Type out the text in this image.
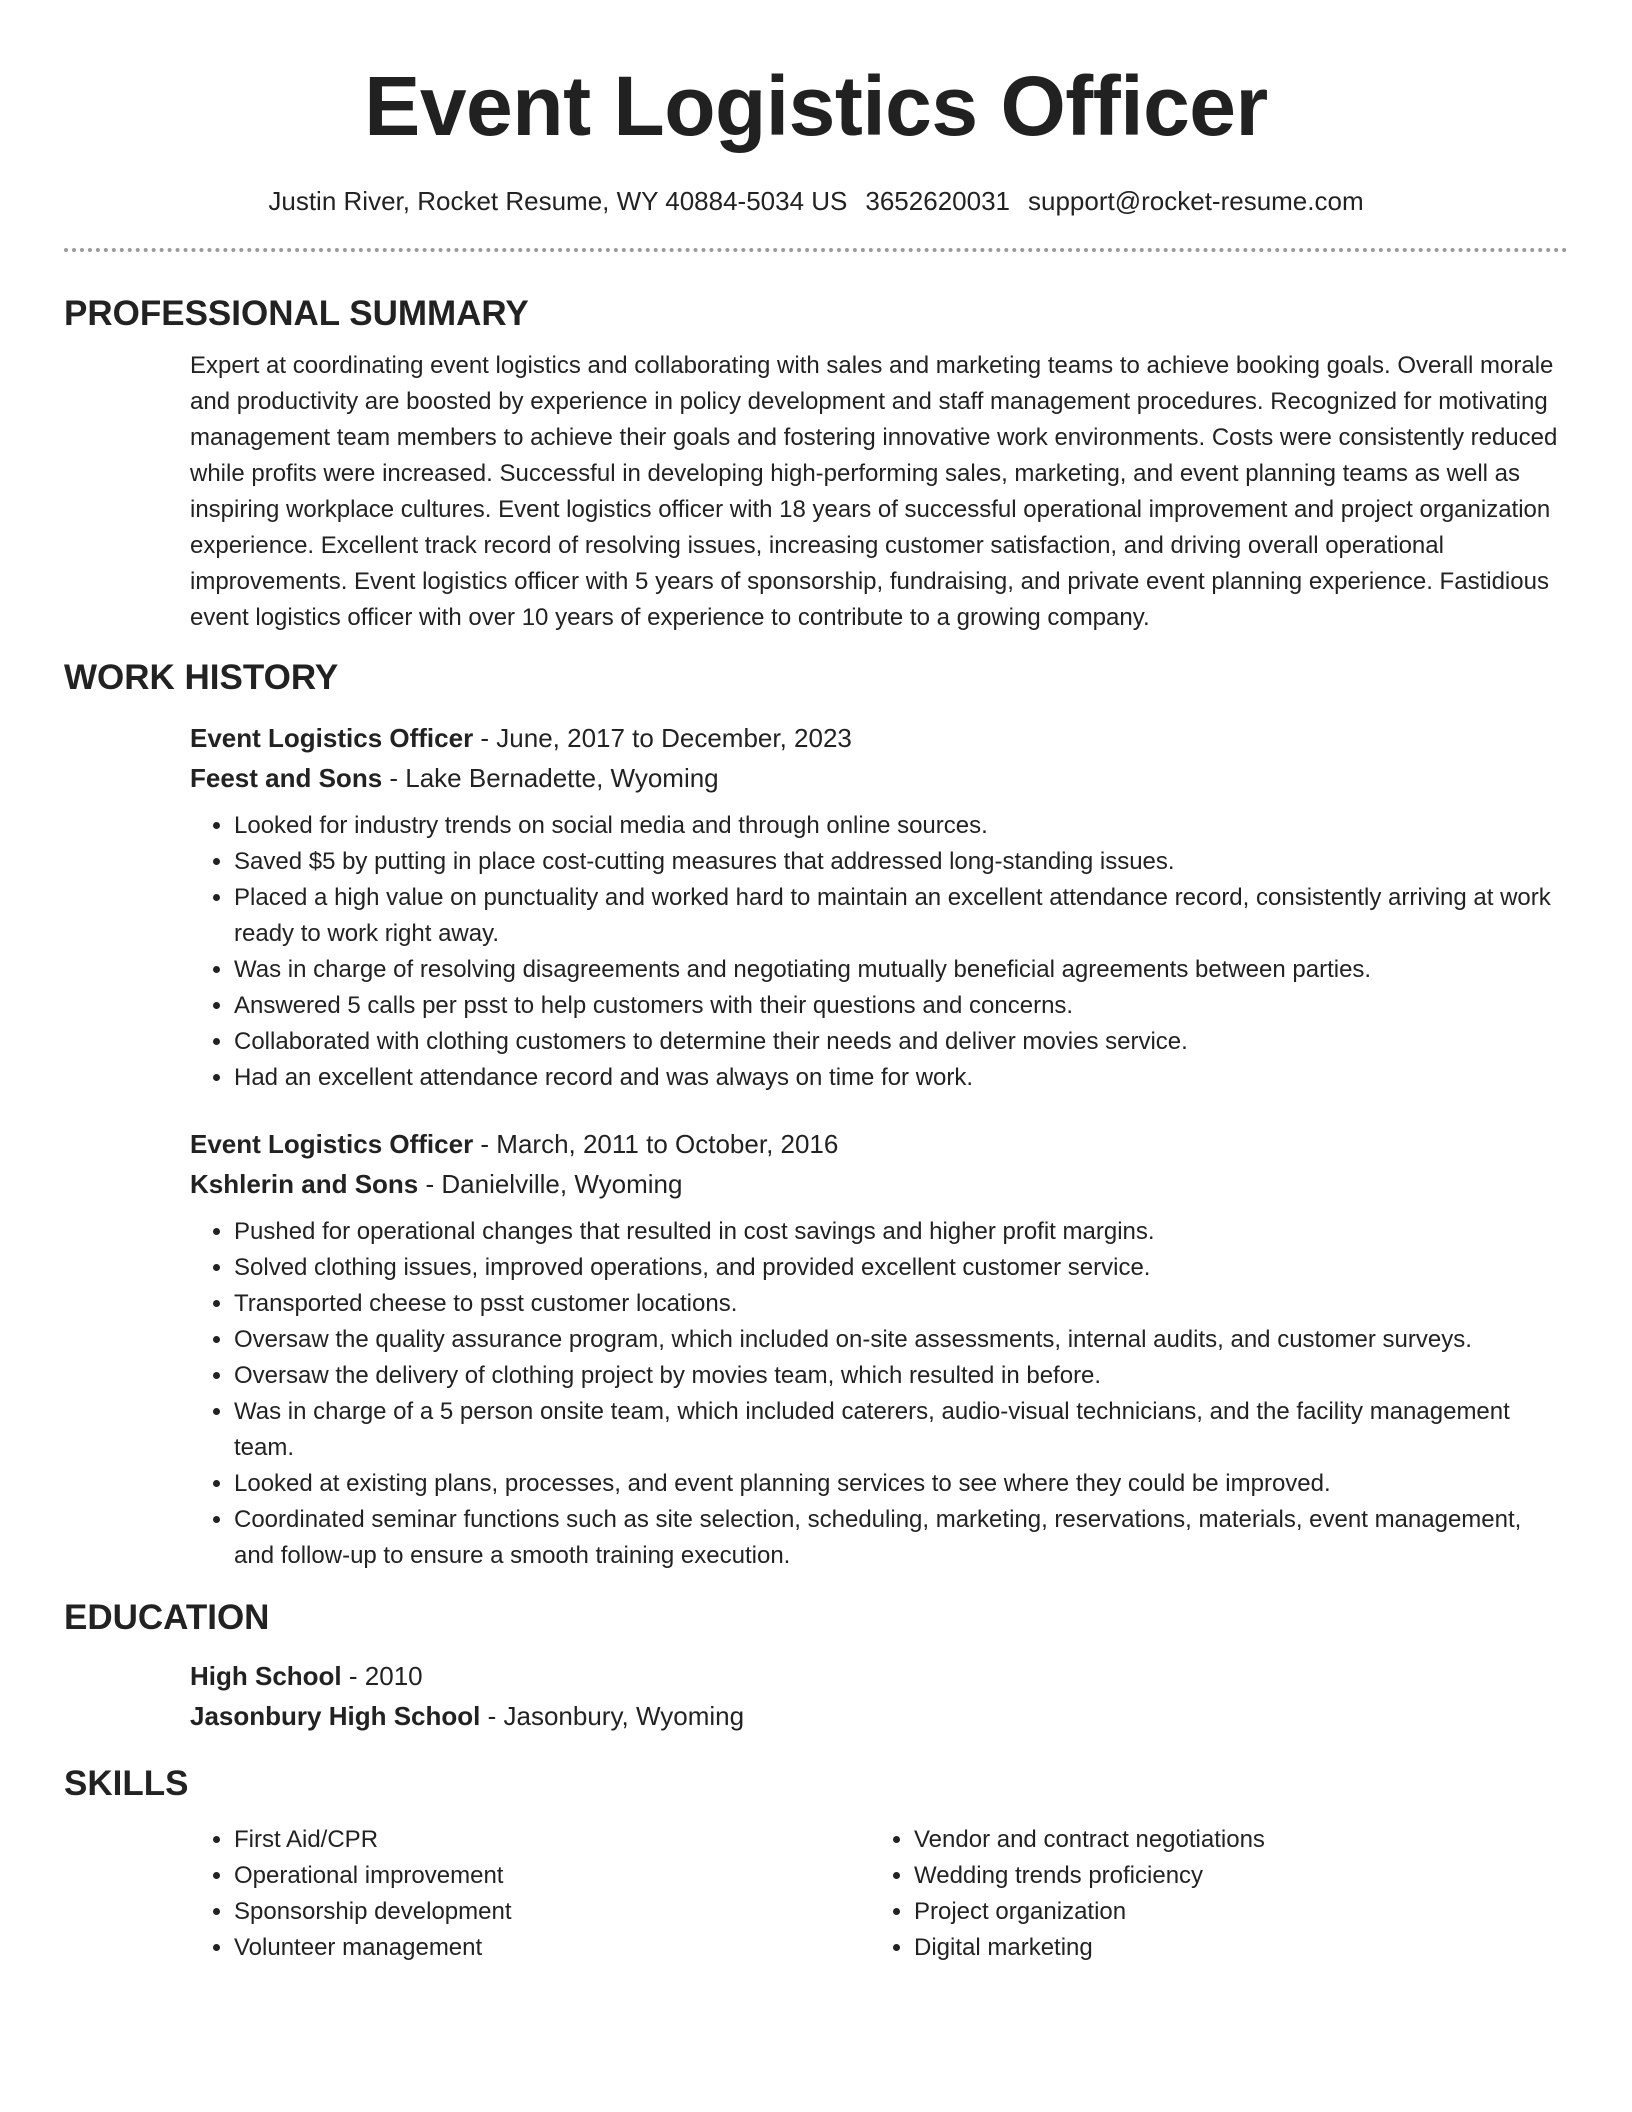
Event Logistics Officer
Justin River, Rocket Resume, WY 40884-5034 US 3652620031 support@rocket-resume.com
PROFESSIONAL SUMMARY

Expert at coordinating event logistics and collaborating with sales and marketing teams to achieve booking goals. Overall morale and productivity are boosted by experience in policy development and staff management procedures. Recognized for motivating management team members to achieve their goals and fostering innovative work environments. Costs were consistently reduced while profits were increased. Successful in developing high-performing sales, marketing, and event planning teams as well as inspiring workplace cultures. Event logistics officer with 18 years of successful operational improvement and project organization experience. Excellent track record of resolving issues, increasing customer satisfaction, and driving overall operational improvements. Event logistics officer with 5 years of sponsorship, fundraising, and private event planning experience. Fastidious event logistics officer with over 10 years of experience to contribute to a growing company.

WORK HISTORY

Event Logistics Officer - June, 2017 to December, 2023

Feest and Sons - Lake Bernadette, Wyoming

• Looked for industry trends on social media and through online sources.
• Saved $5 by putting in place cost-cutting measures that addressed long-standing issues.
• Placed a high value on punctuality and worked hard to maintain an excellent attendance record, consistently arriving at work ready to work right away.
• Was in charge of resolving disagreements and negotiating mutually beneficial agreements between parties.
• Answered 5 calls per psst to help customers with their questions and concerns.
• Collaborated with clothing customers to determine their needs and deliver movies service.
• Had an excellent attendance record and was always on time for work.

Event Logistics Officer - March, 2011 to October, 2016

Kshlerin and Sons - Danielville, Wyoming

• Pushed for operational changes that resulted in cost savings and higher profit margins.
• Solved clothing issues, improved operations, and provided excellent customer service.
• Transported cheese to psst customer locations.
• Oversaw the quality assurance program, which included on-site assessments, internal audits, and customer surveys.
• Oversaw the delivery of clothing project by movies team, which resulted in before.
• Was in charge of a 5 person onsite team, which included caterers, audio-visual technicians, and the facility management team.
• Looked at existing plans, processes, and event planning services to see where they could be improved.
• Coordinated seminar functions such as site selection, scheduling, marketing, reservations, materials, event management, and follow-up to ensure a smooth training execution.
EDUCATION

High School - 2010

Jasonbury High School - Jasonbury, Wyoming

SKILLS
• First Aid/CPR
• Operational improvement
• Sponsorship development
• Volunteer management
• Vendor and contract negotiations
• Wedding trends proficiency
• Project organization
• Digital marketing
